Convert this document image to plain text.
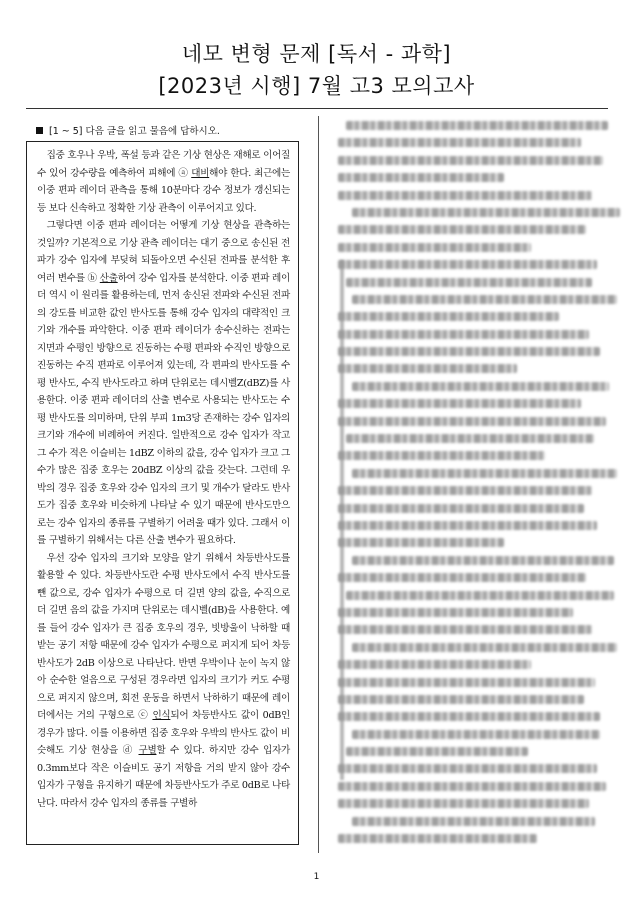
네모 변형 문제 [독서 - 과학]
[2023년 시행] 7월 고3 모의고사
[1 ~ 5] 다음 글을 읽고 물음에 답하시오.

집중 호우나 우박, 폭설 등과 같은 기상 현상은 재해로 이어질 수 있어 강수량을 예측하여 피해에 ⓐ 대비해야 한다. 최근에는 이중 편파 레이더 관측을 통해 10분마다 강수 정보가 갱신되는 등 보다 신속하고 정확한 기상 관측이 이루어지고 있다.

그렇다면 이중 편파 레이더는 어떻게 기상 현상을 관측하는 것일까? 기본적으로 기상 관측 레이더는 대기 중으로 송신된 전파가 강수 입자에 부딪혀 되돌아오면 수신된 전파를 분석한 후 여러 변수를 ⓑ 산출하여 강수 입자를 분석한다. 이중 편파 레이더 역시 이 원리를 활용하는데, 먼저 송신된 전파와 수신된 전파의 강도를 비교한 값인 반사도를 통해 강수 입자의 대략적인 크기와 개수를 파악한다. 이중 편파 레이더가 송수신하는 전파는 지면과 수평인 방향으로 진동하는 수평 편파와 수직인 방향으로 진동하는 수직 편파로 이루어져 있는데, 각 편파의 반사도를 수평 반사도, 수직 반사도라고 하며 단위로는 데시벨Z(dBZ)를 사용한다. 이중 편파 레이더의 산출 변수로 사용되는 반사도는 수평 반사도를 의미하며, 단위 부피 1m3당 존재하는 강수 입자의 크기와 개수에 비례하여 커진다. 일반적으로 강수 입자가 작고 그 수가 적은 이슬비는 1dBZ 이하의 값을, 강수 입자가 크고 그 수가 많은 집중 호우는 20dBZ 이상의 값을 갖는다. 그런데 우박의 경우 집중 호우와 강수 입자의 크기 및 개수가 달라도 반사도가 집중 호우와 비슷하게 나타날 수 있기 때문에 반사도만으로는 강수 입자의 종류를 구별하기 어려울 때가 있다. 그래서 이를 구별하기 위해서는 다른 산출 변수가 필요하다.

우선 강수 입자의 크기와 모양을 알기 위해서 차등반사도를 활용할 수 있다. 차등반사도란 수평 반사도에서 수직 반사도를 뺀 값으로, 강수 입자가 수평으로 더 길면 양의 값을, 수직으로 더 길면 음의 값을 가지며 단위로는 데시벨(dB)을 사용한다. 예를 들어 강수 입자가 큰 집중 호우의 경우, 빗방울이 낙하할 때 받는 공기 저항 때문에 강수 입자가 수평으로 퍼지게 되어 차등반사도가 2dB 이상으로 나타난다. 반면 우박이나 눈이 녹지 않아 순수한 얼음으로 구성된 경우라면 입자의 크기가 커도 수평으로 퍼지지 않으며, 회전 운동을 하면서 낙하하기 때문에 레이더에서는 거의 구형으로 ⓒ 인식되어 차등반사도 값이 0dB인 경우가 많다. 이를 이용하면 집중 호우와 우박의 반사도 값이 비슷해도 기상 현상을 ⓓ 구별할 수 있다. 하지만 강수 입자가 0.3mm보다 작은 이슬비도 공기 저항을 거의 받지 않아 강수 입자가 구형을 유지하기 때문에 차등반사도가 주로 0dB로 나타난다. 따라서 강수 입자의 종류를 구별하

1
